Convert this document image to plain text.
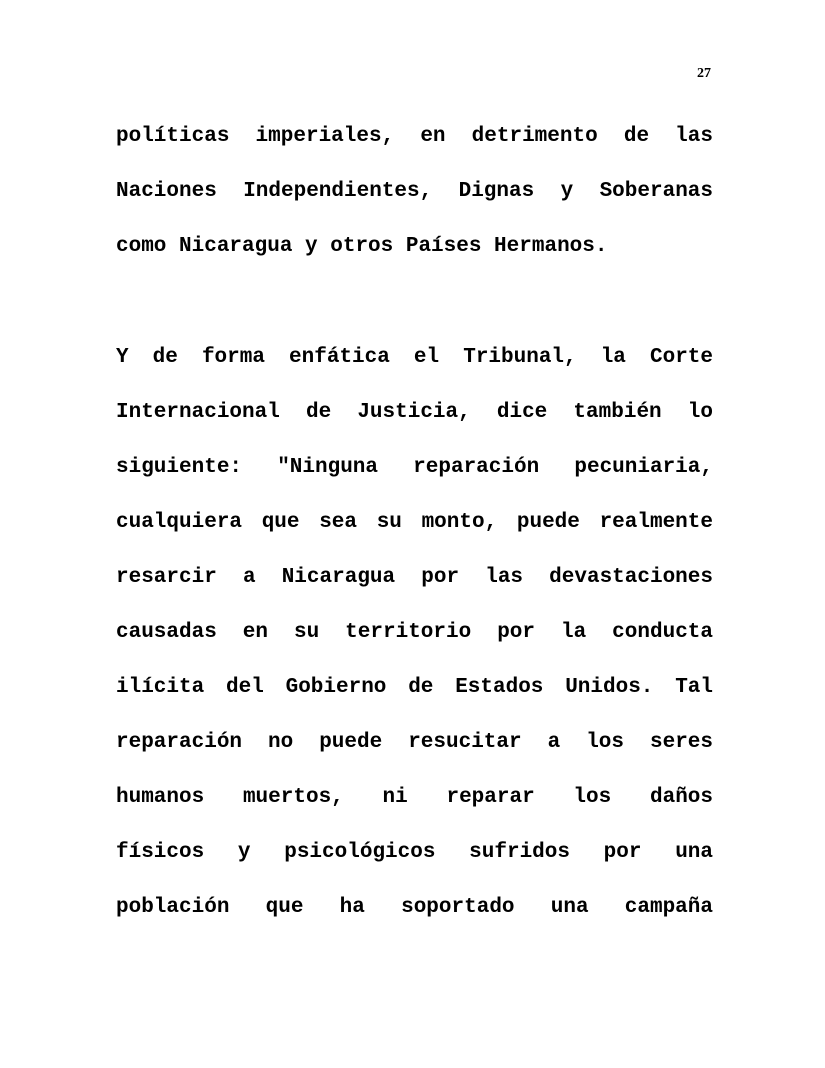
27
políticas imperiales, en detrimento de las
Naciones Independientes, Dignas y Soberanas
como Nicaragua y otros Países Hermanos.
Y de forma enfática el Tribunal, la Corte
Internacional de Justicia, dice también lo
siguiente: "Ninguna reparación pecuniaria,
cualquiera que sea su monto, puede realmente
resarcir a Nicaragua por las devastaciones
causadas en su territorio por la conducta
ilícita del Gobierno de Estados Unidos. Tal
reparación no puede resucitar a los seres
humanos muertos, ni reparar los daños
físicos y psicológicos sufridos por una
población que ha soportado una campaña
